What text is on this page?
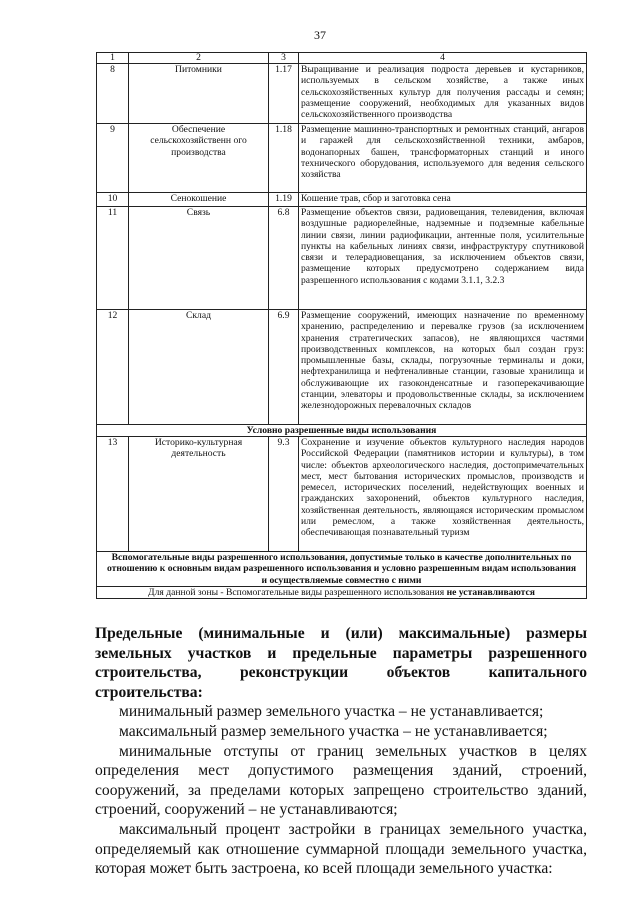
37
1	2	3	4
8	Питомники	1.17	Выращивание и реализация подроста деревьев и кустарников, используемых в сельском хозяйстве, а также иных сельскохозяйственных культур для получения рассады и семян; размещение сооружений, необходимых для указанных видов сельскохозяйственного производства
9	Обеспечение сельскохозяйственн ого производства	1.18	Размещение машинно-транспортных и ремонтных станций, ангаров и гаражей для сельскохозяйственной техники, амбаров, водонапорных башен, трансформаторных станций и иного технического оборудования, используемого для ведения сельского хозяйства
10	Сенокошение	1.19	Кошение трав, сбор и заготовка сена
11	Связь	6.8	Размещение объектов связи, радиовещания, телевидения, включая воздушные радиорелейные, надземные и подземные кабельные линии связи, линии радиофикации, антенные поля, усилительные пункты на кабельных линиях связи, инфраструктуру спутниковой связи и телерадиовещания, за исключением объектов связи, размещение которых предусмотрено содержанием вида разрешенного использования с кодами 3.1.1, 3.2.3
12	Склад	6.9	Размещение сооружений, имеющих назначение по временному хранению, распределению и перевалке грузов (за исключением хранения стратегических запасов), не являющихся частями производственных комплексов, на которых был создан груз: промышленные базы, склады, погрузочные терминалы и доки, нефтехранилища и нефтеналивные станции, газовые хранилища и обслуживающие их газоконденсатные и газоперекачивающие станции, элеваторы и продовольственные склады, за исключением железнодорожных перевалочных складов
Условно разрешенные виды использования			
13	Историко-культурная деятельность	9.3	Сохранение и изучение объектов культурного наследия народов Российской Федерации (памятников истории и культуры), в том числе: объектов археологического наследия, достопримечательных мест, мест бытования исторических промыслов, производств и ремесел, исторических поселений, недействующих военных и гражданских захоронений, объектов культурного наследия, хозяйственная деятельность, являющаяся историческим промыслом или ремеслом, а также хозяйственная деятельность, обеспечивающая познавательный туризм
Вспомогательные виды разрешенного использования, допустимые только в качестве дополнительных по отношению к основным видам разрешенного использования и условно разрешенным видам использования и осуществляемые совместно с ними			
Для данной зоны - Вспомогательные виды разрешенного использования не устанавливаются			
Предельные (минимальные и (или) максимальные) размеры земельных участков и предельные параметры разрешенного строительства, реконструкции объектов капитального строительства:
минимальный размер земельного участка – не устанавливается;
максимальный размер земельного участка – не устанавливается;
минимальные отступы от границ земельных участков в целях определения мест допустимого размещения зданий, строений, сооружений, за пределами которых запрещено строительство зданий, строений, сооружений – не устанавливаются;
максимальный процент застройки в границах земельного участка, определяемый как отношение суммарной площади земельного участка, которая может быть застроена, ко всей площади земельного участка:
